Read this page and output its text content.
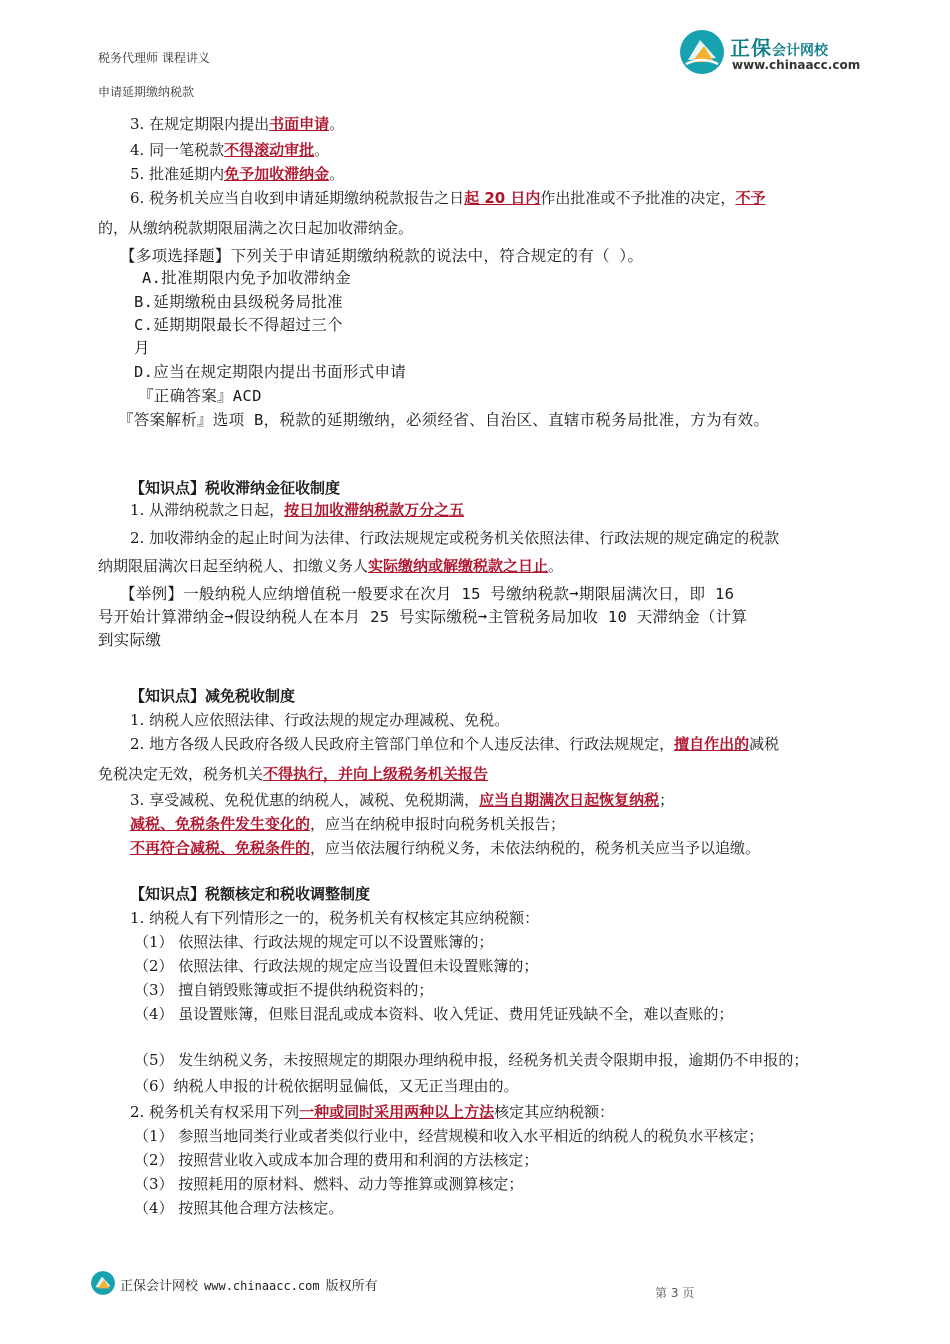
税务代理师 课程讲义
申请延期缴纳税款
正保会计网校
www.chinaacc.com
3. 在规定期限内提出书面申请。
4. 同一笔税款不得滚动审批。
5. 批准延期内免予加收滞纳金。
6. 税务机关应当自收到申请延期缴纳税款报告之日起 20 日内作出批准或不予批准的决定，不予
的，从缴纳税款期限届满之次日起加收滞纳金。
【多项选择题】下列关于申请延期缴纳税款的说法中，符合规定的有（ ）。
A.批准期限内免予加收滞纳金
B.延期缴税由县级税务局批准
C.延期期限最长不得超过三个
月
D.应当在规定期限内提出书面形式申请
『正确答案』ACD
『答案解析』选项 B，税款的延期缴纳，必须经省、自治区、直辖市税务局批准，方为有效。
【知识点】税收滞纳金征收制度
1. 从滞纳税款之日起，按日加收滞纳税款万分之五
2. 加收滞纳金的起止时间为法律、行政法规规定或税务机关依照法律、行政法规的规定确定的税款
纳期限届满次日起至纳税人、扣缴义务人实际缴纳或解缴税款之日止。
【举例】一般纳税人应纳增值税一般要求在次月 15 号缴纳税款➞期限届满次日，即 16
号开始计算滞纳金➞假设纳税人在本月 25 号实际缴税➞主管税务局加收 10 天滞纳金（计算
到实际缴
【知识点】减免税收制度
1. 纳税人应依照法律、行政法规的规定办理减税、免税。
2. 地方各级人民政府各级人民政府主管部门单位和个人违反法律、行政法规规定，擅自作出的减税
免税决定无效，税务机关不得执行，并向上级税务机关报告
3. 享受减税、免税优惠的纳税人，减税、免税期满，应当自期满次日起恢复纳税；
减税、免税条件发生变化的，应当在纳税申报时向税务机关报告；
不再符合减税、免税条件的，应当依法履行纳税义务，未依法纳税的，税务机关应当予以追缴。
【知识点】税额核定和税收调整制度
1. 纳税人有下列情形之一的，税务机关有权核定其应纳税额：
（1） 依照法律、行政法规的规定可以不设置账簿的；
（2） 依照法律、行政法规的规定应当设置但未设置账簿的；
（3） 擅自销毁账簿或拒不提供纳税资料的；
（4） 虽设置账簿，但账目混乱或成本资料、收入凭证、费用凭证残缺不全，难以查账的；
（5） 发生纳税义务，未按照规定的期限办理纳税申报，经税务机关责令限期申报，逾期仍不申报的；
（6）纳税人申报的计税依据明显偏低，又无正当理由的。
2. 税务机关有权采用下列一种或同时采用两种以上方法核定其应纳税额：
（1） 参照当地同类行业或者类似行业中，经营规模和收入水平相近的纳税人的税负水平核定；
（2） 按照营业收入或成本加合理的费用和利润的方法核定；
（3） 按照耗用的原材料、燃料、动力等推算或测算核定；
（4） 按照其他合理方法核定。
正保会计网校 www.chinaacc.com 版权所有	第 3 页
